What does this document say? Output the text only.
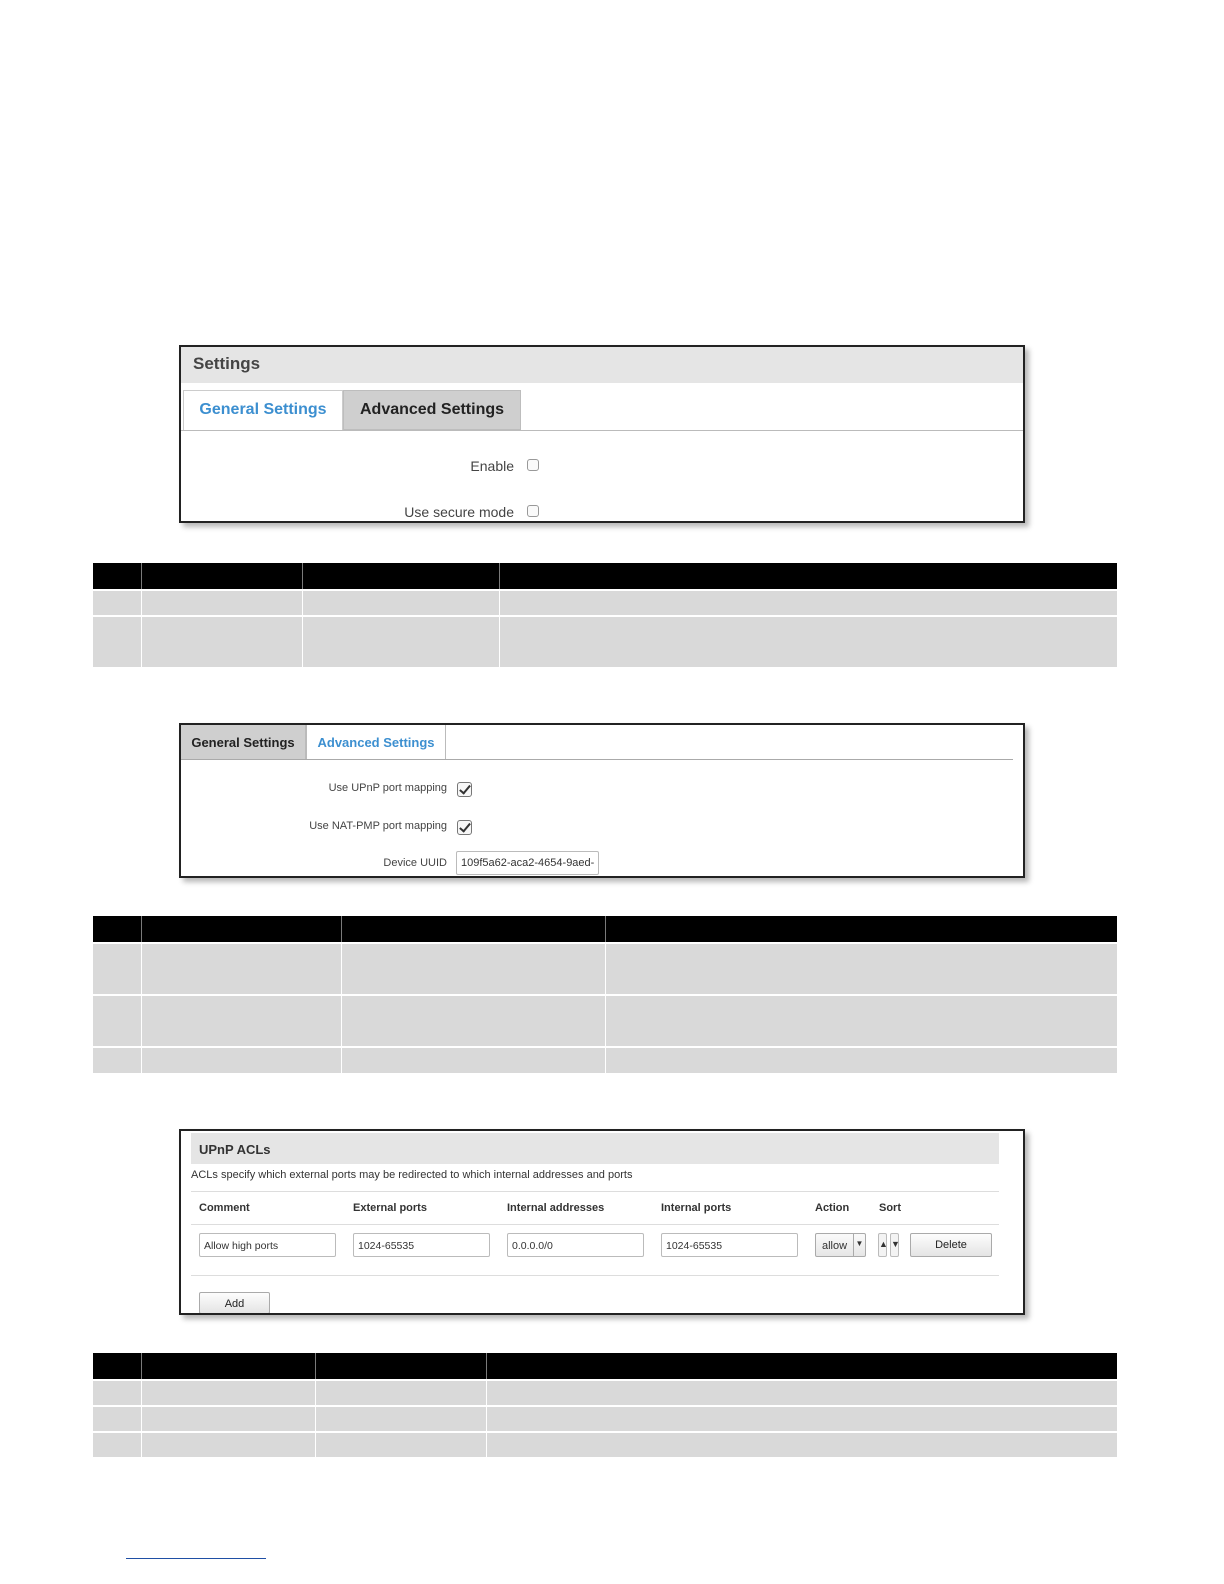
Settings
General Settings	Advanced Settings
Enable
Use secure mode
General Settings	Advanced Settings
Use UPnP port mapping
Use NAT-PMP port mapping
Device UUID	109f5a62-aca2-4654-9aed-
UPnP ACLs
ACLs specify which external ports may be redirected to which internal addresses and ports
Comment	External ports	Internal addresses	Internal ports	Action	Sort
Allow high ports	1024-65535	0.0.0.0/0	1024-65535	allow	▼ ▲ ▼	Delete
Add
